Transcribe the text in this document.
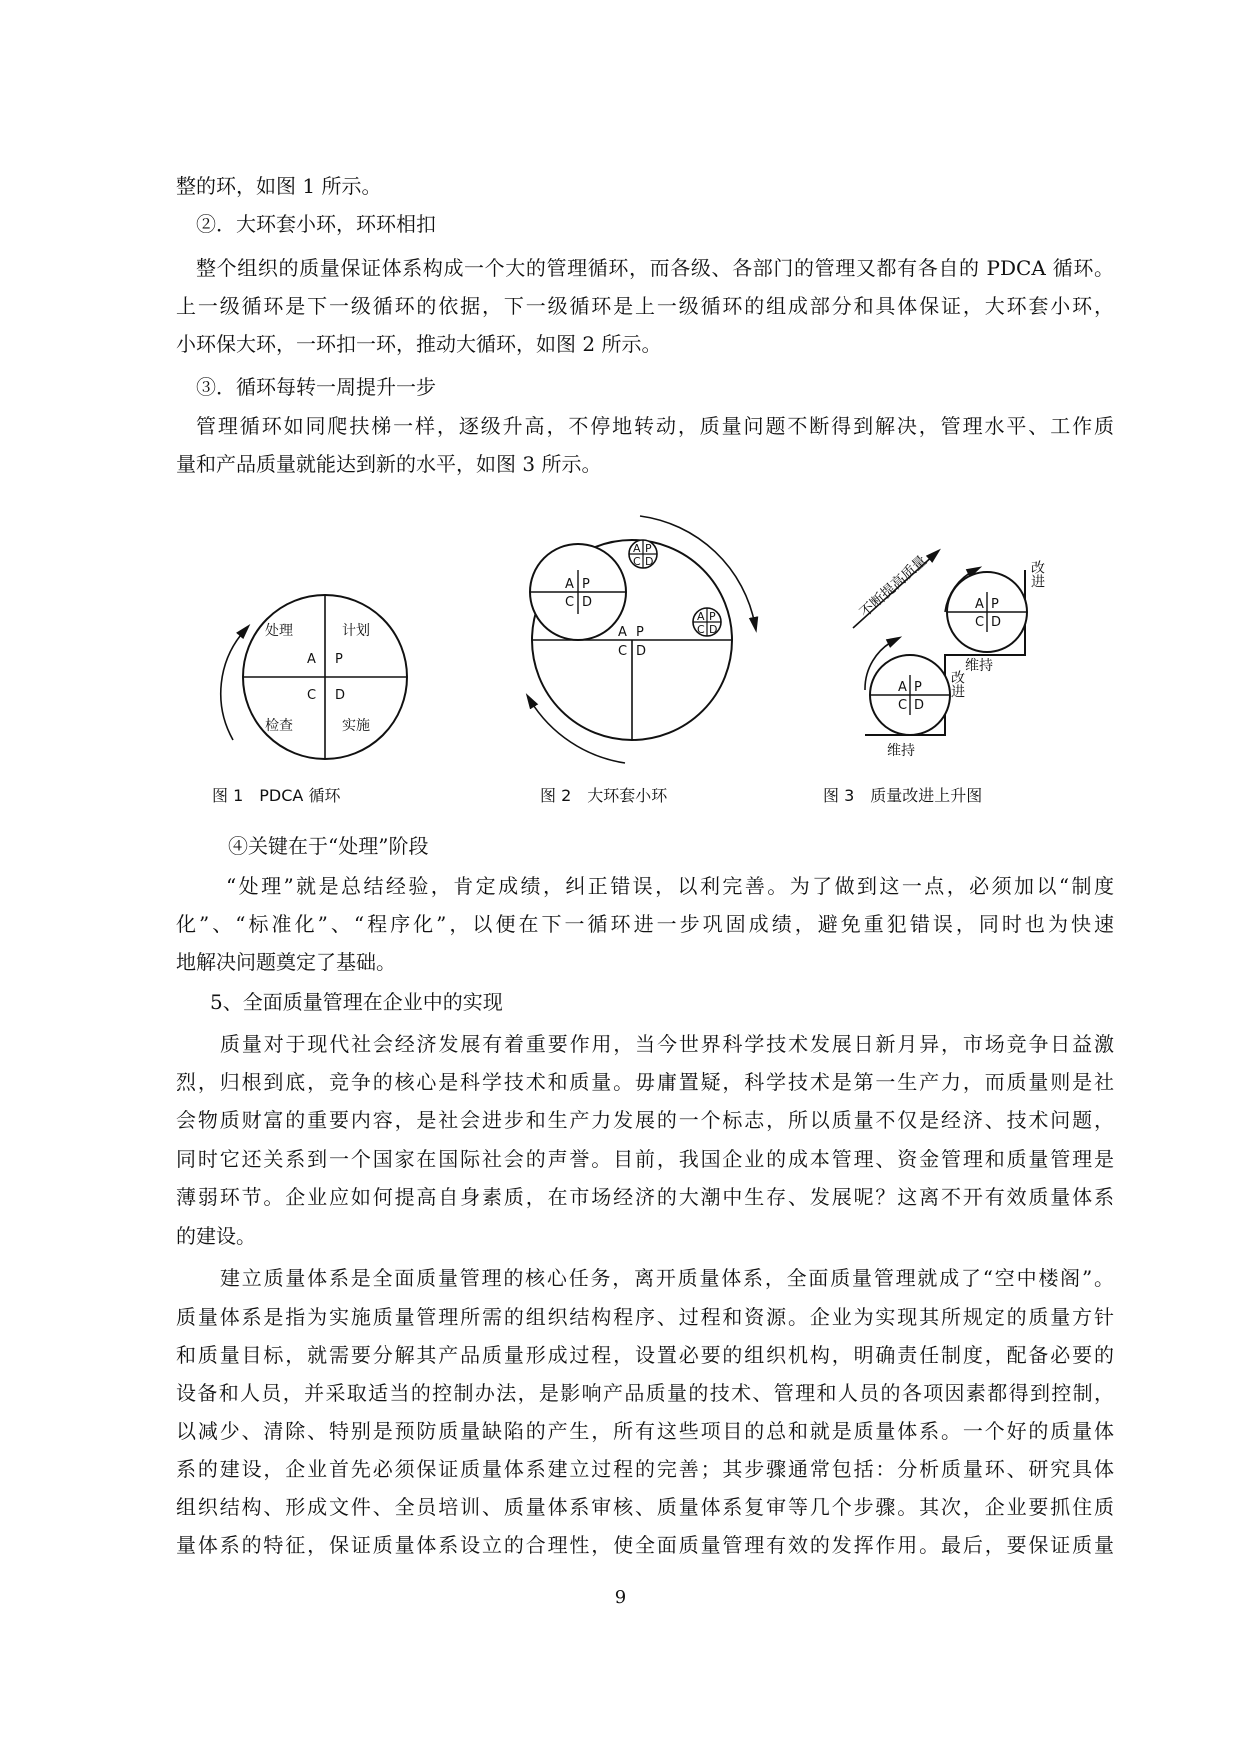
整的环，如图 1 所示。
②．大环套小环，环环相扣
整个组织的质量保证体系构成一个大的管理循环，而各级、各部门的管理又都有各自的 PDCA 循环。
上一级循环是下一级循环的依据，下一级循环是上一级循环的组成部分和具体保证，大环套小环，
小环保大环，一环扣一环，推动大循环，如图 2 所示。
③．循环每转一周提升一步
管理循环如同爬扶梯一样，逐级升高，不停地转动，质量问题不断得到解决，管理水平、工作质
量和产品质量就能达到新的水平，如图 3 所示。
处理	计划
A P
C D
检查	实施
图 1　PDCA 循环
A P
C D
A P
C D
A P
C D
A P
C D
图 2　大环套小环
不断提高质量
A P
C D
A P
C D
改进
改进
维持
维持
图 3　质量改进上升图
④关键在于“处理”阶段
“处理”就是总结经验，肯定成绩，纠正错误，以利完善。为了做到这一点，必须加以“制度
化”、“标准化”、“程序化”，以便在下一循环进一步巩固成绩，避免重犯错误，同时也为快速
地解决问题奠定了基础。
5、全面质量管理在企业中的实现
质量对于现代社会经济发展有着重要作用，当今世界科学技术发展日新月异，市场竞争日益激
烈，归根到底，竞争的核心是科学技术和质量。毋庸置疑，科学技术是第一生产力，而质量则是社
会物质财富的重要内容，是社会进步和生产力发展的一个标志，所以质量不仅是经济、技术问题，
同时它还关系到一个国家在国际社会的声誉。目前，我国企业的成本管理、资金管理和质量管理是
薄弱环节。企业应如何提高自身素质，在市场经济的大潮中生存、发展呢？这离不开有效质量体系
的建设。
建立质量体系是全面质量管理的核心任务，离开质量体系，全面质量管理就成了“空中楼阁”。
质量体系是指为实施质量管理所需的组织结构程序、过程和资源。企业为实现其所规定的质量方针
和质量目标，就需要分解其产品质量形成过程，设置必要的组织机构，明确责任制度，配备必要的
设备和人员，并采取适当的控制办法，是影响产品质量的技术、管理和人员的各项因素都得到控制，
以减少、清除、特别是预防质量缺陷的产生，所有这些项目的总和就是质量体系。一个好的质量体
系的建设，企业首先必须保证质量体系建立过程的完善；其步骤通常包括：分析质量环、研究具体
组织结构、形成文件、全员培训、质量体系审核、质量体系复审等几个步骤。其次，企业要抓住质
量体系的特征，保证质量体系设立的合理性，使全面质量管理有效的发挥作用。最后，要保证质量
9
